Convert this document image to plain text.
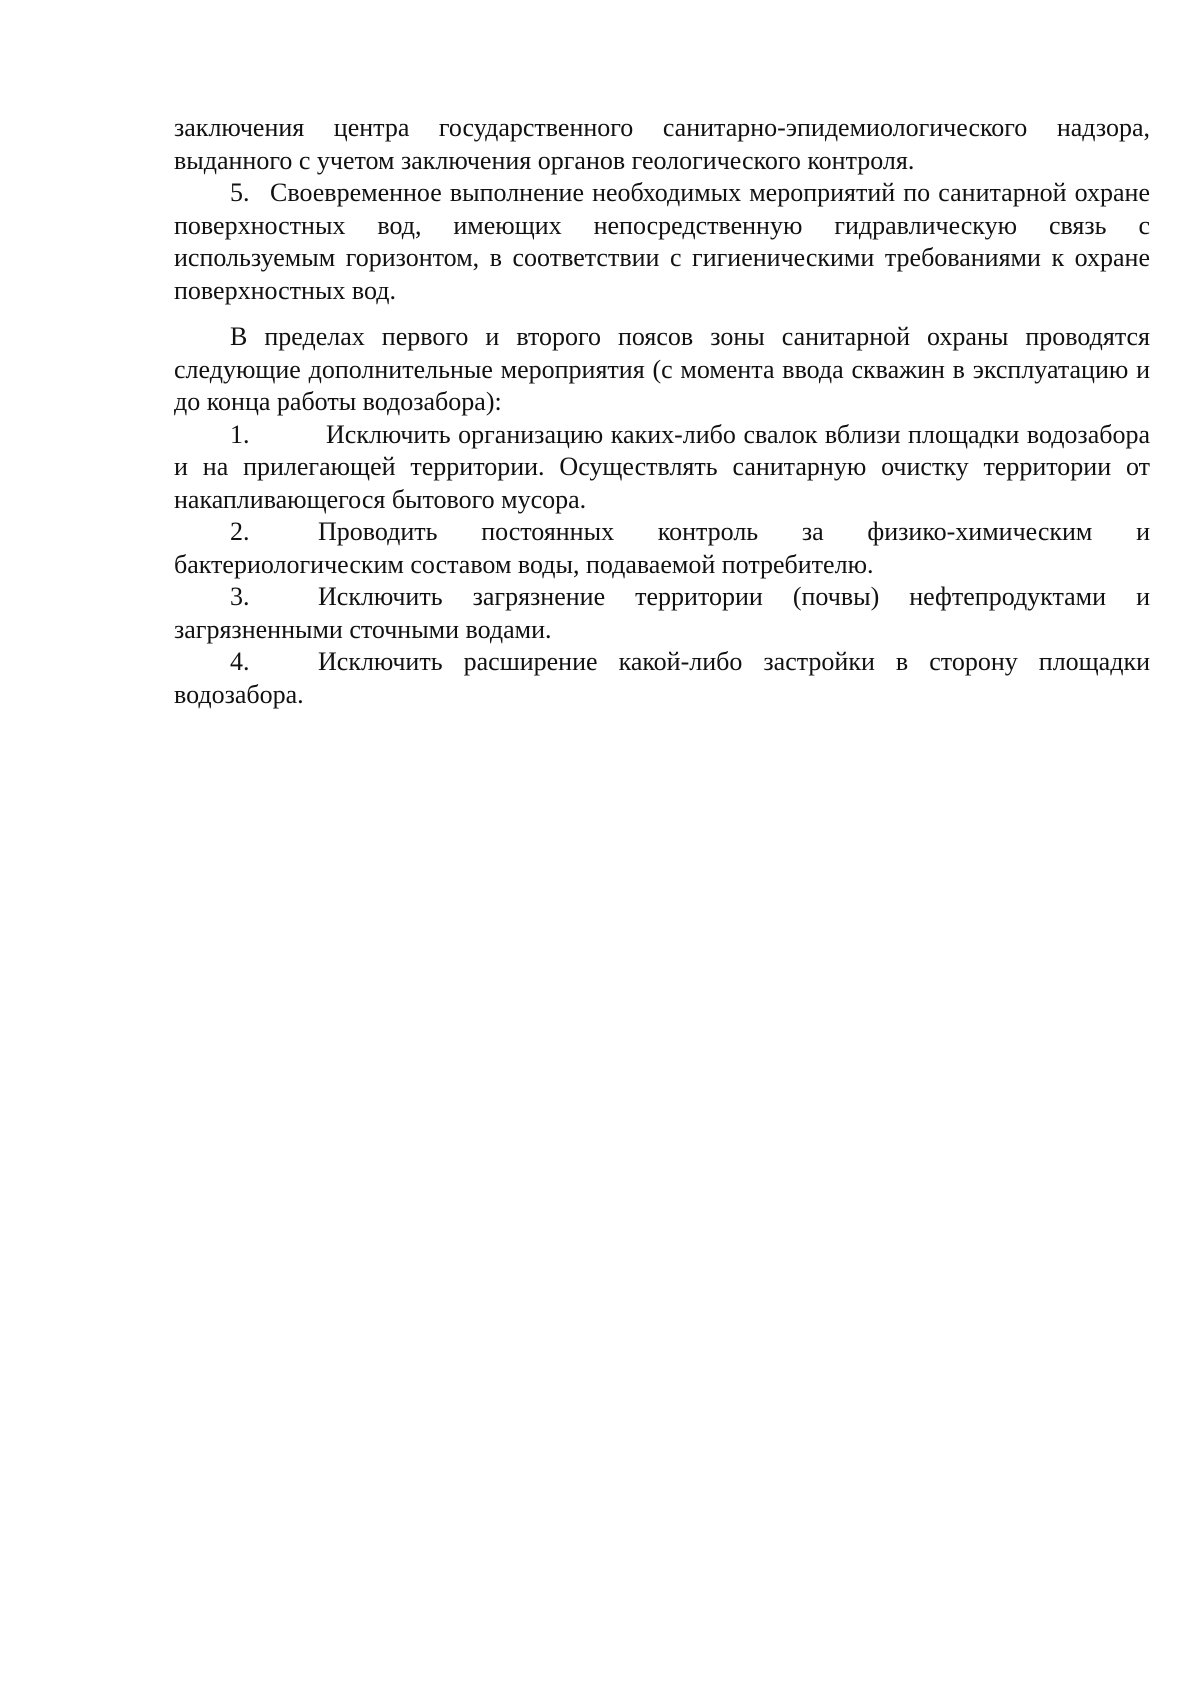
заключения центра государственного санитарно-эпидемиологического надзора, выданного с учетом заключения органов геологического контроля.

5. Своевременное выполнение необходимых мероприятий по санитарной охране поверхностных вод, имеющих непосредственную гидравлическую связь с используемым горизонтом, в соответствии с гигиеническими требованиями к охране поверхностных вод.

В пределах первого и второго поясов зоны санитарной охраны проводятся следующие дополнительные мероприятия (с момента ввода скважин в эксплуатацию и до конца работы водозабора):

1.	Исключить организацию каких-либо свалок вблизи площадки водозабора и на прилегающей территории. Осуществлять санитарную очистку территории от накапливающегося бытового мусора.

2.	Проводить постоянных контроль за физико-химическим и бактериологическим составом воды, подаваемой потребителю.

3.	Исключить загрязнение территории (почвы) нефтепродуктами и загрязненными сточными водами.

4.	Исключить расширение какой-либо застройки в сторону площадки водозабора.
